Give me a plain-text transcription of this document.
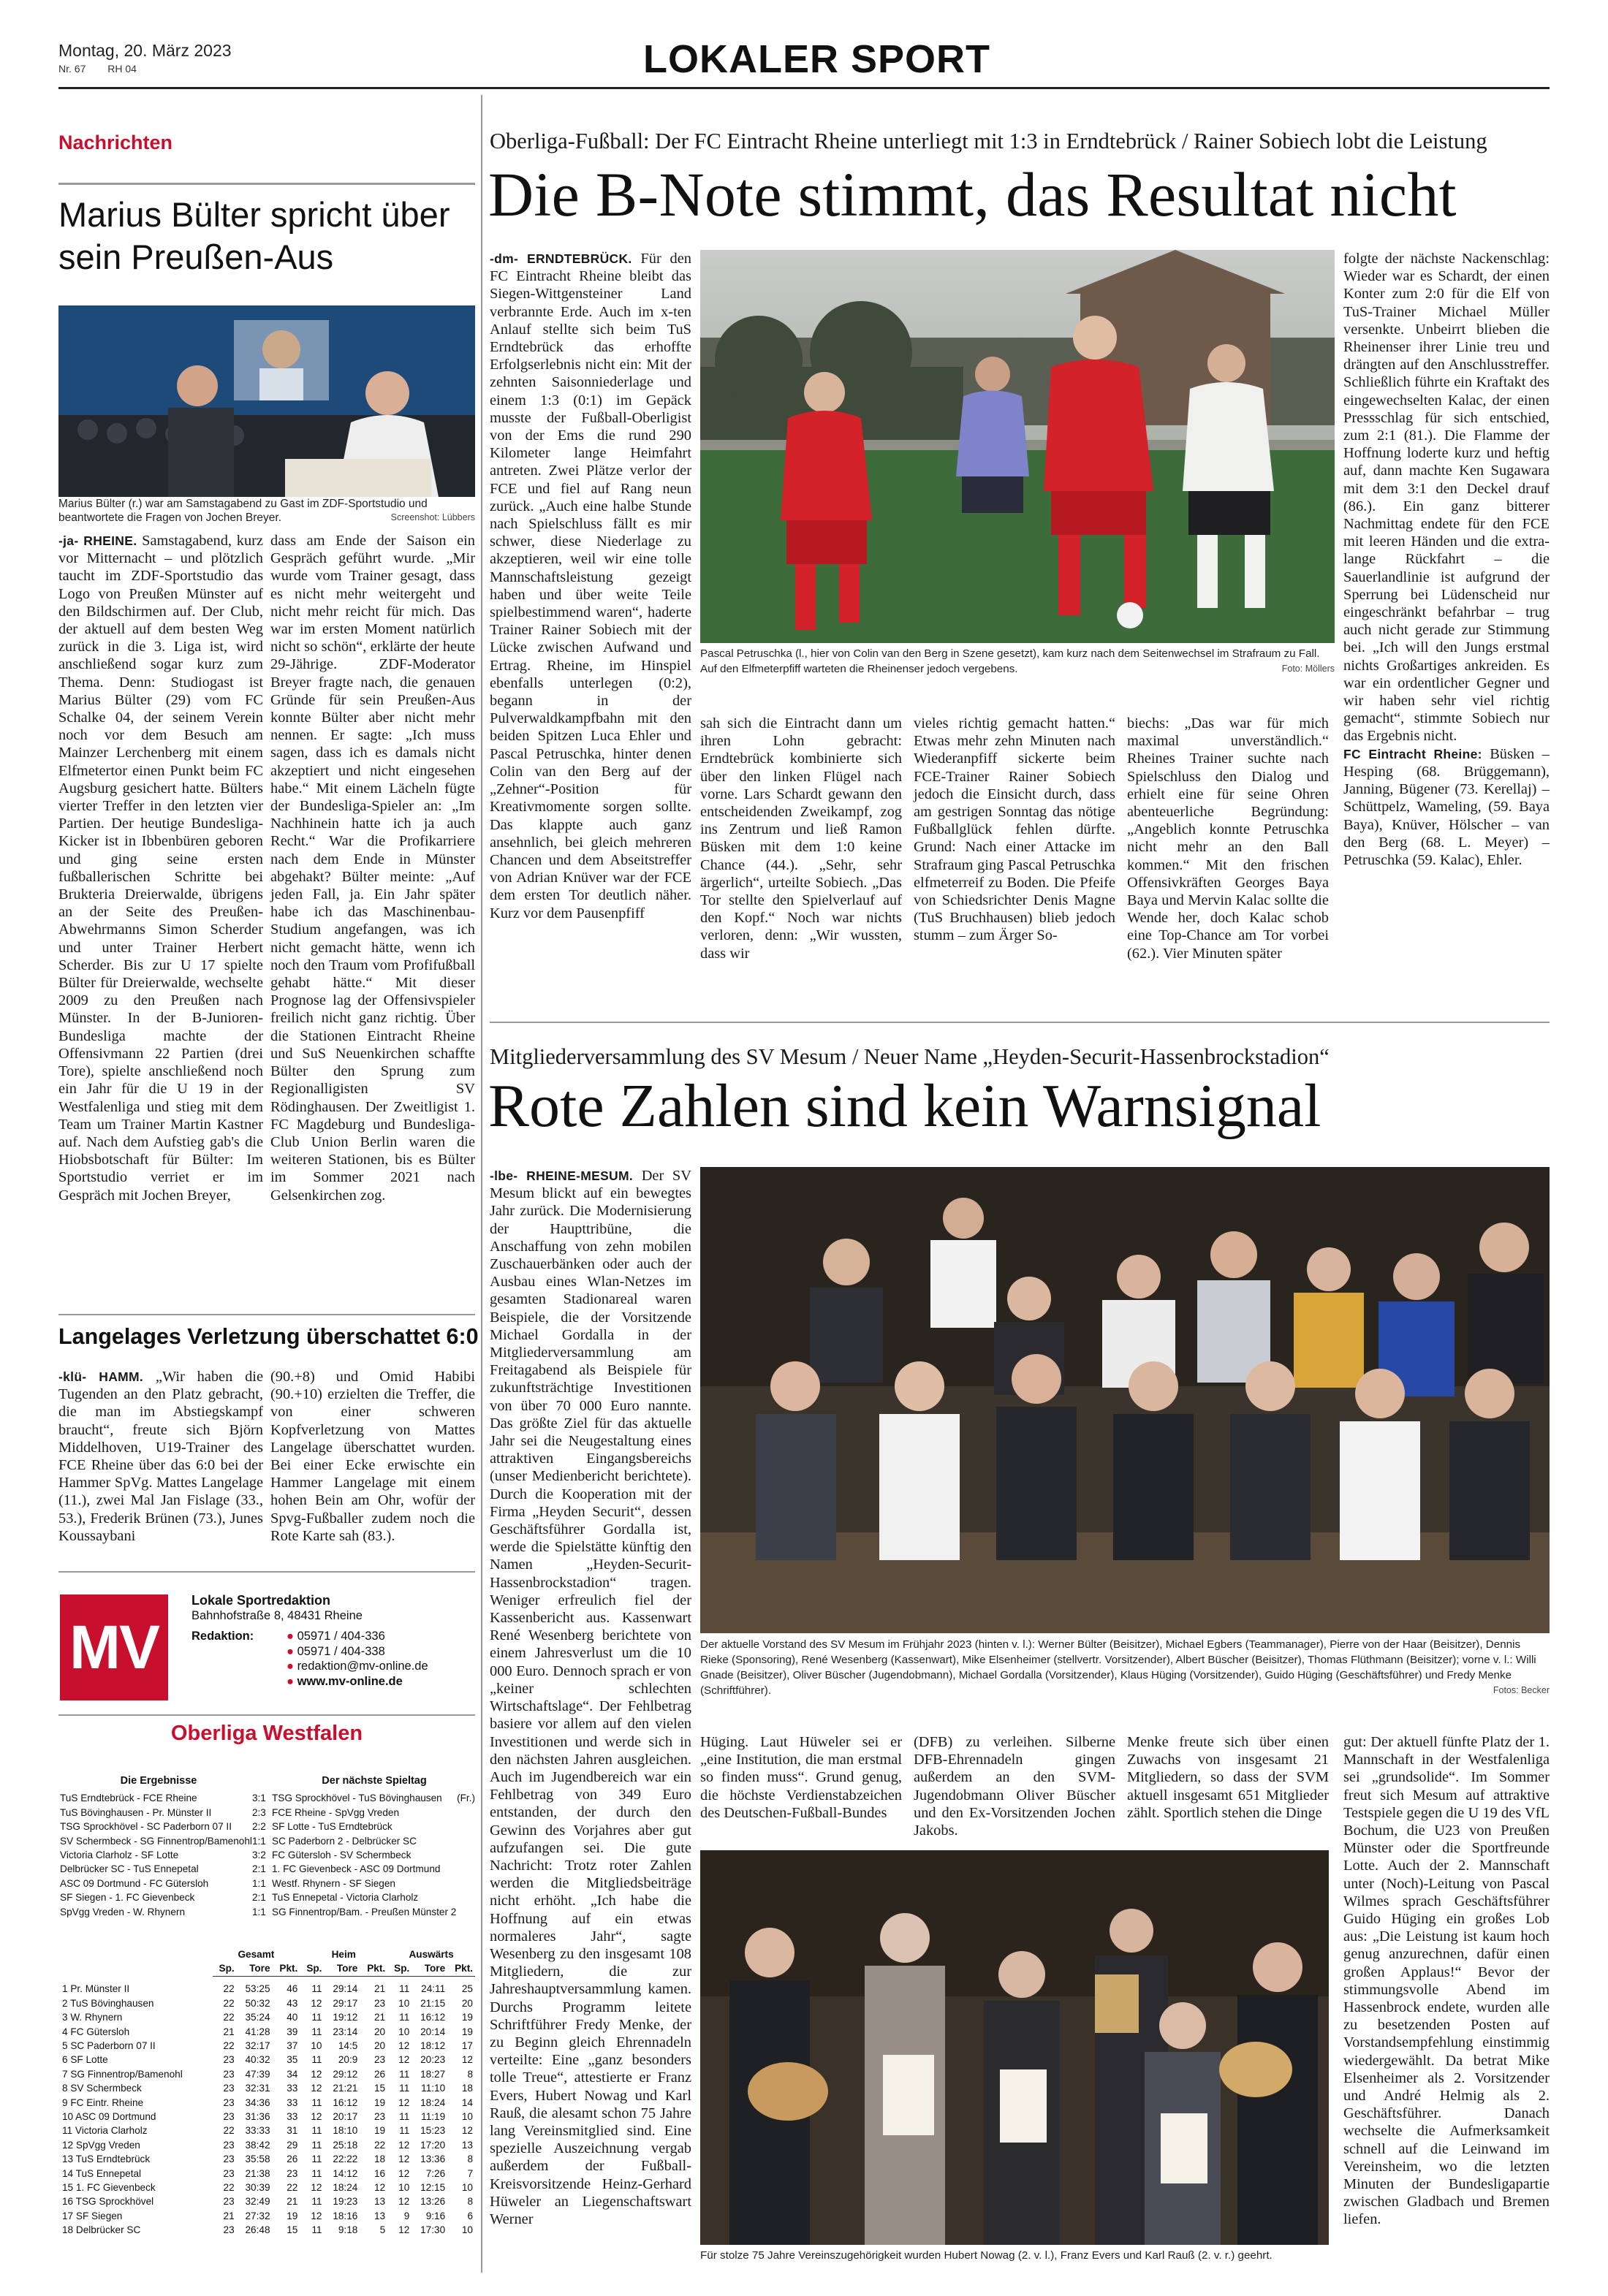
Montag, 20. März 2023
Nr. 67 RH 04	LOKALER SPORT
Nachrichten
Marius Bülter spricht über sein Preußen-Aus
Marius Bülter (r.) war am Samstagabend zu Gast im ZDF-Sportstudio und beantwortete die Fragen von Jochen Breyer.	Screenshot: Lübbers

-ja- RHEINE. Samstagabend, kurz vor Mitternacht – und plötzlich taucht im ZDF-Sportstudio das Logo von Preußen Münster auf den Bildschirmen auf. Der Club, der aktuell auf dem besten Weg zurück in die 3. Liga ist, wird anschließend sogar kurz zum Thema. Denn: Studiogast ist Marius Bülter (29) vom FC Schalke 04, der seinem Verein noch vor dem Besuch am Mainzer Lerchenberg mit einem Elfmetertor einen Punkt beim FC Augsburg gesichert hatte. Bülters vierter Treffer in den letzten vier Partien. Der heutige Bundesliga-Kicker ist in Ibbenbüren geboren und ging seine ersten fußballerischen Schritte bei Brukteria Dreierwalde, übrigens an der Seite des Preußen-Abwehrmanns Simon Scherder und unter Trainer Herbert Scherder. Bis zur U 17 spielte Bülter für Dreierwalde, wechselte 2009 zu den Preußen nach Münster. In der B-Junioren-Bundesliga machte der Offensivmann 22 Partien (drei Tore), spielte anschließend noch ein Jahr für die U 19 in der Westfalenliga und stieg mit dem Team um Trainer Martin Kastner auf. Nach dem Aufstieg gab's die Hiobsbotschaft für Bülter: Im Sportstudio verriet er im Gespräch mit Jochen Breyer,

dass am Ende der Saison ein Gespräch geführt wurde. „Mir wurde vom Trainer gesagt, dass es nicht mehr weitergeht und nicht mehr reicht für mich. Das war im ersten Moment natürlich nicht so schön“, erklärte der heute 29-Jährige. ZDF-Moderator Breyer fragte nach, die genauen Gründe für sein Preußen-Aus konnte Bülter aber nicht mehr nennen. Er sagte: „Ich muss sagen, dass ich es damals nicht akzeptiert und nicht eingesehen habe.“ Mit einem Lächeln fügte der Bundesliga-Spieler an: „Im Nachhinein hatte ich ja auch Recht.“ War die Profikarriere nach dem Ende in Münster abgehakt? Bülter meinte: „Auf jeden Fall, ja. Ein Jahr später habe ich das Maschinenbau-Studium angefangen, was ich nicht gemacht hätte, wenn ich noch den Traum vom Profifußball gehabt hätte.“ Mit dieser Prognose lag der Offensivspieler freilich nicht ganz richtig. Über die Stationen Eintracht Rheine und SuS Neuenkirchen schaffte Bülter den Sprung zum Regionalligisten SV Rödinghausen. Der Zweitligist 1. FC Magdeburg und Bundesliga-Club Union Berlin waren die weiteren Stationen, bis es Bülter im Sommer 2021 nach Gelsenkirchen zog.

Langelages Verletzung überschattet 6:0

-klü- HAMM. „Wir haben die Tugenden an den Platz gebracht, die man im Abstiegskampf braucht“, freute sich Björn Middelhoven, U19-Trainer des FCE Rheine über das 6:0 bei der Hammer SpVg. Mattes Langelage (11.), zwei Mal Jan Fislage (33., 53.), Frederik Brünen (73.), Junes Koussaybani

(90.+8) und Omid Habibi (90.+10) erzielten die Treffer, die von einer schweren Kopfverletzung von Mattes Langelage überschattet wurden. Bei einer Ecke erwischte ein Hammer Langelage mit einem hohen Bein am Ohr, wofür der Spvg-Fußballer zudem noch die Rote Karte sah (83.).

MV
Lokale Sportredaktion
Bahnhofstraße 8, 48431 Rheine
Redaktion:	● 05971 / 404-336
● 05971 / 404-338
● redaktion@mv-online.de
● www.mv-online.de
Oberliga Westfalen
Die Ergebnisse
TuS Erndtebrück - FCE Rheine	3:1
TuS Bövinghausen - Pr. Münster II	2:3
TSG Sprockhövel - SC Paderborn 07 II	2:2
SV Schermbeck - SG Finnentrop/Bamenohl	1:1
Victoria Clarholz - SF Lotte	3:2
Delbrücker SC - TuS Ennepetal	2:1
ASC 09 Dortmund - FC Gütersloh	1:1
SF Siegen - 1. FC Gievenbeck	2:1
SpVgg Vreden - W. Rhynern	1:1
Der nächste Spieltag
TSG Sprockhövel - TuS Bövinghausen	(Fr.)
FCE Rheine - SpVgg Vreden	
SF Lotte - TuS Erndtebrück	
SC Paderborn 2 - Delbrücker SC	
FC Gütersloh - SV Schermbeck	
1. FC Gievenbeck - ASC 09 Dortmund	
Westf. Rhynern - SF Siegen	
TuS Ennepetal - Victoria Clarholz	
SG Finnentrop/Bam. - Preußen Münster 2	
	Gesamt			Heim			Auswärts		
	Sp.	Tore	Pkt.	Sp.	Tore	Pkt.	Sp.	Tore	Pkt.

1 Pr. Münster II	22	53:25	46	11	29:14	21	11	24:11	25
2 TuS Bövinghausen	22	50:32	43	12	29:17	23	10	21:15	20
3 W. Rhynern	22	35:24	40	11	19:12	21	11	16:12	19
4 FC Gütersloh	21	41:28	39	11	23:14	20	10	20:14	19
5 SC Paderborn 07 II	22	32:17	37	10	14:5	20	12	18:12	17
6 SF Lotte	23	40:32	35	11	20:9	23	12	20:23	12
7 SG Finnentrop/Bamenohl	23	47:39	34	12	29:12	26	11	18:27	8
8 SV Schermbeck	23	32:31	33	12	21:21	15	11	11:10	18
9 FC Eintr. Rheine	23	34:36	33	11	16:12	19	12	18:24	14
10 ASC 09 Dortmund	23	31:36	33	12	20:17	23	11	11:19	10
11 Victoria Clarholz	22	33:33	31	11	18:10	19	11	15:23	12
12 SpVgg Vreden	23	38:42	29	11	25:18	22	12	17:20	13
13 TuS Erndtebrück	23	35:58	26	11	22:22	18	12	13:36	8
14 TuS Ennepetal	23	21:38	23	11	14:12	16	12	7:26	7
15 1. FC Gievenbeck	22	30:39	22	12	18:24	12	10	12:15	10
16 TSG Sprockhövel	23	32:49	21	11	19:23	13	12	13:26	8
17 SF Siegen	21	27:32	19	12	18:16	13	9	9:16	6
18 Delbrücker SC	23	26:48	15	11	9:18	5	12	17:30	10
Oberliga-Fußball: Der FC Eintracht Rheine unterliegt mit 1:3 in Erndtebrück / Rainer Sobiech lobt die Leistung
Die B-Note stimmt, das Resultat nicht

-dm- ERNDTEBRÜCK. Für den FC Eintracht Rheine bleibt das Siegen-Wittgensteiner Land verbrannte Erde. Auch im x-ten Anlauf stellte sich beim TuS Erndtebrück das erhoffte Erfolgserlebnis nicht ein: Mit der zehnten Saisonniederlage und einem 1:3 (0:1) im Gepäck musste der Fußball-Oberligist von der Ems die rund 290 Kilometer lange Heimfahrt antreten. Zwei Plätze verlor der FCE und fiel auf Rang neun zurück. „Auch eine halbe Stunde nach Spielschluss fällt es mir schwer, diese Niederlage zu akzeptieren, weil wir eine tolle Mannschaftsleistung gezeigt haben und über weite Teile spielbestimmend waren“, haderte Trainer Rainer Sobiech mit der Lücke zwischen Aufwand und Ertrag. Rheine, im Hinspiel ebenfalls unterlegen (0:2), begann in der Pulverwaldkampfbahn mit den beiden Spitzen Luca Ehler und Pascal Petruschka, hinter denen Colin van den Berg auf der „Zehner“-Position für Kreativmomente sorgen sollte. Das klappte auch ganz ansehnlich, bei gleich mehreren Chancen und dem Abseitstreffer von Adrian Knüver war der FCE dem ersten Tor deutlich näher. Kurz vor dem Pausenpfiff

Pascal Petruschka (l., hier von Colin van den Berg in Szene gesetzt), kam kurz nach dem Seitenwechsel im Strafraum zu Fall. Auf den Elfmeterpfiff warteten die Rheinenser jedoch vergebens.	Foto: Möllers

sah sich die Eintracht dann um ihren Lohn gebracht: Erndtebrück kombinierte sich über den linken Flügel nach vorne. Lars Schardt gewann den entscheidenden Zweikampf, zog ins Zentrum und ließ Ramon Büsken mit dem 1:0 keine Chance (44.). „Sehr, sehr ärgerlich“, urteilte Sobiech. „Das Tor stellte den Spielverlauf auf den Kopf.“ Noch war nichts verloren, denn: „Wir wussten, dass wir

vieles richtig gemacht hatten.“ Etwas mehr zehn Minuten nach Wiederanpfiff sickerte beim FCE-Trainer Rainer Sobiech jedoch die Einsicht durch, dass am gestrigen Sonntag das nötige Fußballglück fehlen dürfte. Grund: Nach einer Attacke im Strafraum ging Pascal Petruschka elfmeterreif zu Boden. Die Pfeife von Schiedsrichter Denis Magne (TuS Bruchhausen) blieb jedoch stumm – zum Ärger So-

biechs: „Das war für mich maximal unverständlich.“ Rheines Trainer suchte nach Spielschluss den Dialog und erhielt eine für seine Ohren abenteuerliche Begründung: „Angeblich konnte Petruschka nicht mehr an den Ball kommen.“ Mit den frischen Offensivkräften Georges Baya Baya und Mervin Kalac sollte die Wende her, doch Kalac schob eine Top-Chance am Tor vorbei (62.). Vier Minuten später

folgte der nächste Nackenschlag: Wieder war es Schardt, der einen Konter zum 2:0 für die Elf von TuS-Trainer Michael Müller versenkte. Unbeirrt blieben die Rheinenser ihrer Linie treu und drängten auf den Anschlusstreffer. Schließlich führte ein Kraftakt des eingewechselten Kalac, der einen Pressschlag für sich entschied, zum 2:1 (81.). Die Flamme der Hoffnung loderte kurz und heftig auf, dann machte Ken Sugawara mit dem 3:1 den Deckel drauf (86.). Ein ganz bitterer Nachmittag endete für den FCE mit leeren Händen und die extra-lange Rückfahrt – die Sauerlandlinie ist aufgrund der Sperrung bei Lüdenscheid nur eingeschränkt befahrbar – trug auch nicht gerade zur Stimmung bei. „Ich will den Jungs erstmal nichts Großartiges ankreiden. Es war ein ordentlicher Gegner und wir haben sehr viel richtig gemacht“, stimmte Sobiech nur das Ergebnis nicht.

FC Eintracht Rheine: Büsken – Hesping (68. Brüggemann), Janning, Bügener (73. Kerellaj) – Schüttpelz, Wameling, (59. Baya Baya), Knüver, Hölscher – van den Berg (68. L. Meyer) – Petruschka (59. Kalac), Ehler.

Mitgliederversammlung des SV Mesum / Neuer Name „Heyden-Securit-Hassenbrockstadion“
Rote Zahlen sind kein Warnsignal

-lbe- RHEINE-MESUM. Der SV Mesum blickt auf ein bewegtes Jahr zurück. Die Modernisierung der Haupttribüne, die Anschaffung von zehn mobilen Zuschauerbänken oder auch der Ausbau eines Wlan-Netzes im gesamten Stadionareal waren Beispiele, die der Vorsitzende Michael Gordalla in der Mitgliederversammlung am Freitagabend als Beispiele für zukunftsträchtige Investitionen von über 70 000 Euro nannte. Das größte Ziel für das aktuelle Jahr sei die Neugestaltung eines attraktiven Eingangsbereichs (unser Medienbericht berichtete). Durch die Kooperation mit der Firma „Heyden Securit“, dessen Geschäftsführer Gordalla ist, werde die Spielstätte künftig den Namen „Heyden-Securit- Hassenbrockstadion“ tragen. Weniger erfreulich fiel der Kassenbericht aus. Kassenwart René Wesenberg berichtete von einem Jahresverlust um die 10 000 Euro. Dennoch sprach er von „keiner schlechten Wirtschaftslage“. Der Fehlbetrag basiere vor allem auf den vielen Investitionen und werde sich in den nächsten Jahren ausgleichen. Auch im Jugendbereich war ein Fehlbetrag von 349 Euro entstanden, der durch den Gewinn des Vorjahres aber gut aufzufangen sei. Die gute Nachricht: Trotz roter Zahlen werden die Mitgliedsbeiträge nicht erhöht. „Ich habe die Hoffnung auf ein etwas normaleres Jahr“, sagte Wesenberg zu den insgesamt 108 Mitgliedern, die zur Jahreshauptversammlung kamen. Durchs Programm leitete Schriftführer Fredy Menke, der zu Beginn gleich Ehrennadeln verteilte: Eine „ganz besonders tolle Treue“, attestierte er Franz Evers, Hubert Nowag und Karl Rauß, die alesamt schon 75 Jahre lang Vereinsmitglied sind. Eine spezielle Auszeichnung vergab außerdem der Fußball-Kreisvorsitzende Heinz-Gerhard Hüweler an Liegenschaftswart Werner

Der aktuelle Vorstand des SV Mesum im Frühjahr 2023 (hinten v. l.): Werner Bülter (Beisitzer), Michael Egbers (Teammanager), Pierre von der Haar (Beisitzer), Dennis Rieke (Sponsoring), René Wesenberg (Kassenwart), Mike Elsenheimer (stellvertr. Vorsitzender), Albert Büscher (Beisitzer), Thomas Flüthmann (Beisitzer); vorne v. l.: Willi Gnade (Beisitzer), Oliver Büscher (Jugendobmann), Michael Gordalla (Vorsitzender), Klaus Hüging (Vorsitzender), Guido Hüging (Geschäftsführer) und Fredy Menke (Schriftführer).	Fotos: Becker

Hüging. Laut Hüweler sei er „eine Institution, die man erstmal so finden muss“. Grund genug, die höchste Verdienstabzeichen des Deutschen-Fußball-Bundes

(DFB) zu verleihen. Silberne DFB-Ehrennadeln gingen außerdem an den SVM-Jugendobmann Oliver Büscher und den Ex-Vorsitzenden Jochen Jakobs.

Menke freute sich über einen Zuwachs von insgesamt 21 Mitgliedern, so dass der SVM aktuell insgesamt 651 Mitglieder zählt. Sportlich stehen die Dinge

Für stolze 75 Jahre Vereinszugehörigkeit wurden Hubert Nowag (2. v. l.), Franz Evers und Karl Rauß (2. v. r.) geehrt.

gut: Der aktuell fünfte Platz der 1. Mannschaft in der Westfalenliga sei „grundsolide“. Im Sommer freut sich Mesum auf attraktive Testspiele gegen die U 19 des VfL Bochum, die U23 von Preußen Münster oder die Sportfreunde Lotte. Auch der 2. Mannschaft unter (Noch)-Leitung von Pascal Wilmes sprach Geschäftsführer Guido Hüging ein großes Lob aus: „Die Leistung ist kaum hoch genug anzurechnen, dafür einen großen Applaus!“ Bevor der stimmungsvolle Abend im Hassenbrock endete, wurden alle zu besetzenden Posten auf Vorstandsempfehlung einstimmig wiedergewählt. Da betrat Mike Elsenheimer als 2. Vorsitzender und André Helmig als 2. Geschäftsführer. Danach wechselte die Aufmerksamkeit schnell auf die Leinwand im Vereinsheim, wo die letzten Minuten der Bundesligapartie zwischen Gladbach und Bremen liefen.
